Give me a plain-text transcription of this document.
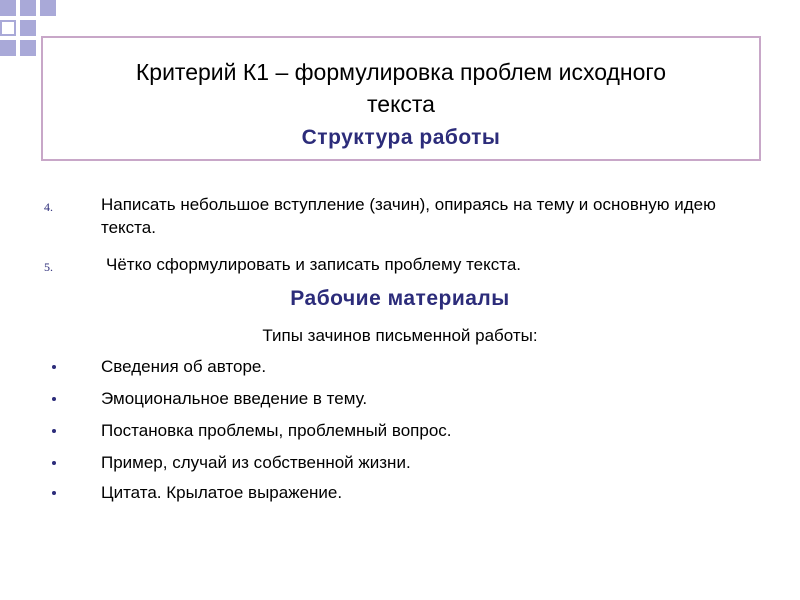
Критерий К1 – формулировка проблем исходного
текста
Структура работы
4.	Написать небольшое вступление (зачин), опираясь на тему и основную идею текста.
5.	Чётко сформулировать и записать проблему текста.
Рабочие материалы
Типы зачинов письменной работы:
Сведения об авторе.
Эмоциональное введение в тему.
Постановка проблемы, проблемный вопрос.
Пример, случай из собственной жизни.
Цитата. Крылатое выражение.
